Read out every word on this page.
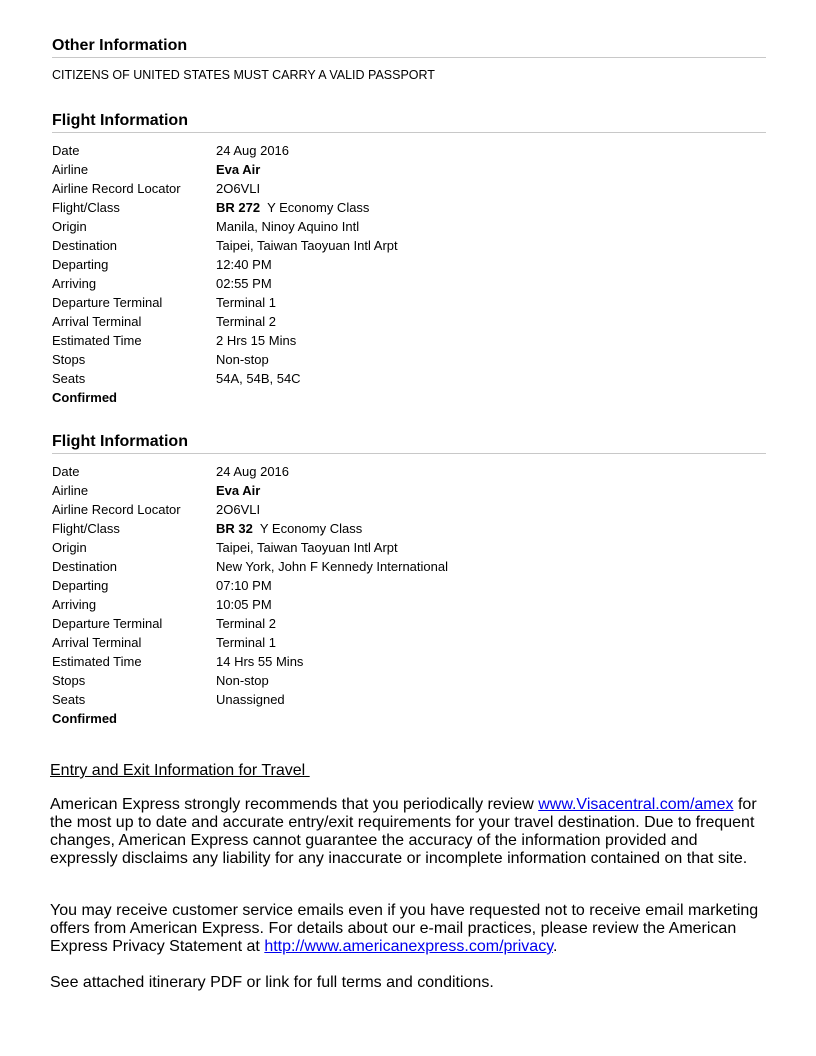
Other Information
CITIZENS OF UNITED STATES MUST CARRY A VALID PASSPORT
Flight Information
Date	24 Aug 2016
Airline	Eva Air
Airline Record Locator	2O6VLI
Flight/Class	BR 272 Y Economy Class
Origin	Manila, Ninoy Aquino Intl
Destination	Taipei, Taiwan Taoyuan Intl Arpt
Departing	12:40 PM
Arriving	02:55 PM
Departure Terminal	Terminal 1
Arrival Terminal	Terminal 2
Estimated Time	2 Hrs 15 Mins
Stops	Non-stop
Seats	54A, 54B, 54C
Confirmed
Flight Information
Date	24 Aug 2016
Airline	Eva Air
Airline Record Locator	2O6VLI
Flight/Class	BR 32 Y Economy Class
Origin	Taipei, Taiwan Taoyuan Intl Arpt
Destination	New York, John F Kennedy International
Departing	07:10 PM
Arriving	10:05 PM
Departure Terminal	Terminal 2
Arrival Terminal	Terminal 1
Estimated Time	14 Hrs 55 Mins
Stops	Non-stop
Seats	Unassigned
Confirmed
Entry and Exit Information for Travel
American Express strongly recommends that you periodically review www.Visacentral.com/amex for the most up to date and accurate entry/exit requirements for your travel destination. Due to frequent changes, American Express cannot guarantee the accuracy of the information provided and expressly disclaims any liability for any inaccurate or incomplete information contained on that site.
You may receive customer service emails even if you have requested not to receive email marketing offers from American Express. For details about our e-mail practices, please review the American Express Privacy Statement at http://www.americanexpress.com/privacy.
See attached itinerary PDF or link for full terms and conditions.
